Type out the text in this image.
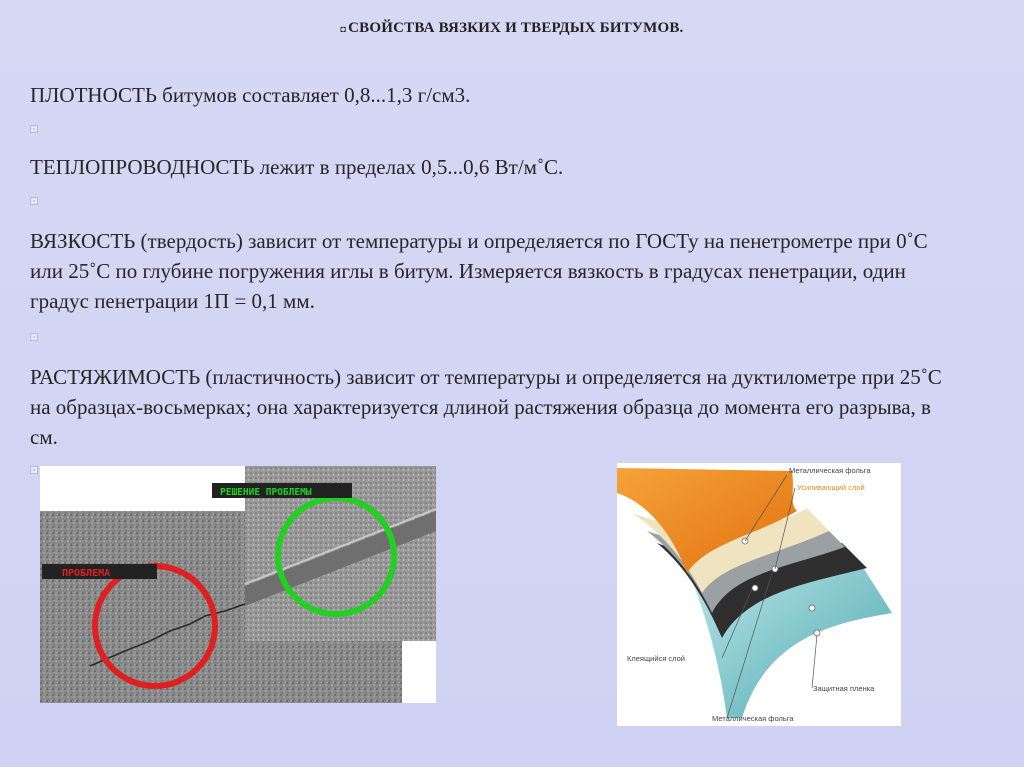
◘ СВОЙСТВА ВЯЗКИХ И ТВЕРДЫХ БИТУМОВ.
ПЛОТНОСТЬ битумов составляет 0,8...1,3 г/см3.
ТЕПЛОПРОВОДНОСТЬ лежит в пределах 0,5...0,6 Вт/м˚С.
ВЯЗКОСТЬ (твердость) зависит от температуры и определяется по ГОСТу на пенетрометре при 0˚С или 25˚С по глубине погружения иглы в битум. Измеряется вязкость в градусах пенетрации, один градус пенетрации 1П = 0,1 мм.
РАСТЯЖИМОСТЬ (пластичность) зависит от температуры и определяется на дуктилометре при 25˚С на образцах-восьмерках; она характеризуется длиной растяжения образца до момента его разрыва, в см.
ПРОБЛЕМА
РЕШЕНИЕ ПРОБЛЕМЫ
Металлическая фольга
Усиливающий слой
Клеящийся слой
Защитная пленка
Металлическая фольга
